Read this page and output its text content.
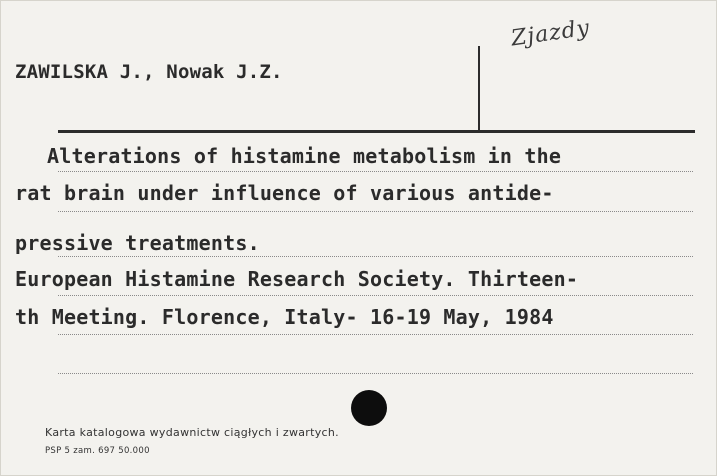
ZAWILSKA J., Nowak J.Z.
Zjazdy
Alterations of histamine metabolism in the
rat brain under influence of various antide-
pressive treatments.
European Histamine Research Society. Thirteen-
th Meeting. Florence, Italy- 16-19 May, 1984
Karta katalogowa wydawnictw ciągłych i zwartych.
PSP 5 zam. 697 50.000
